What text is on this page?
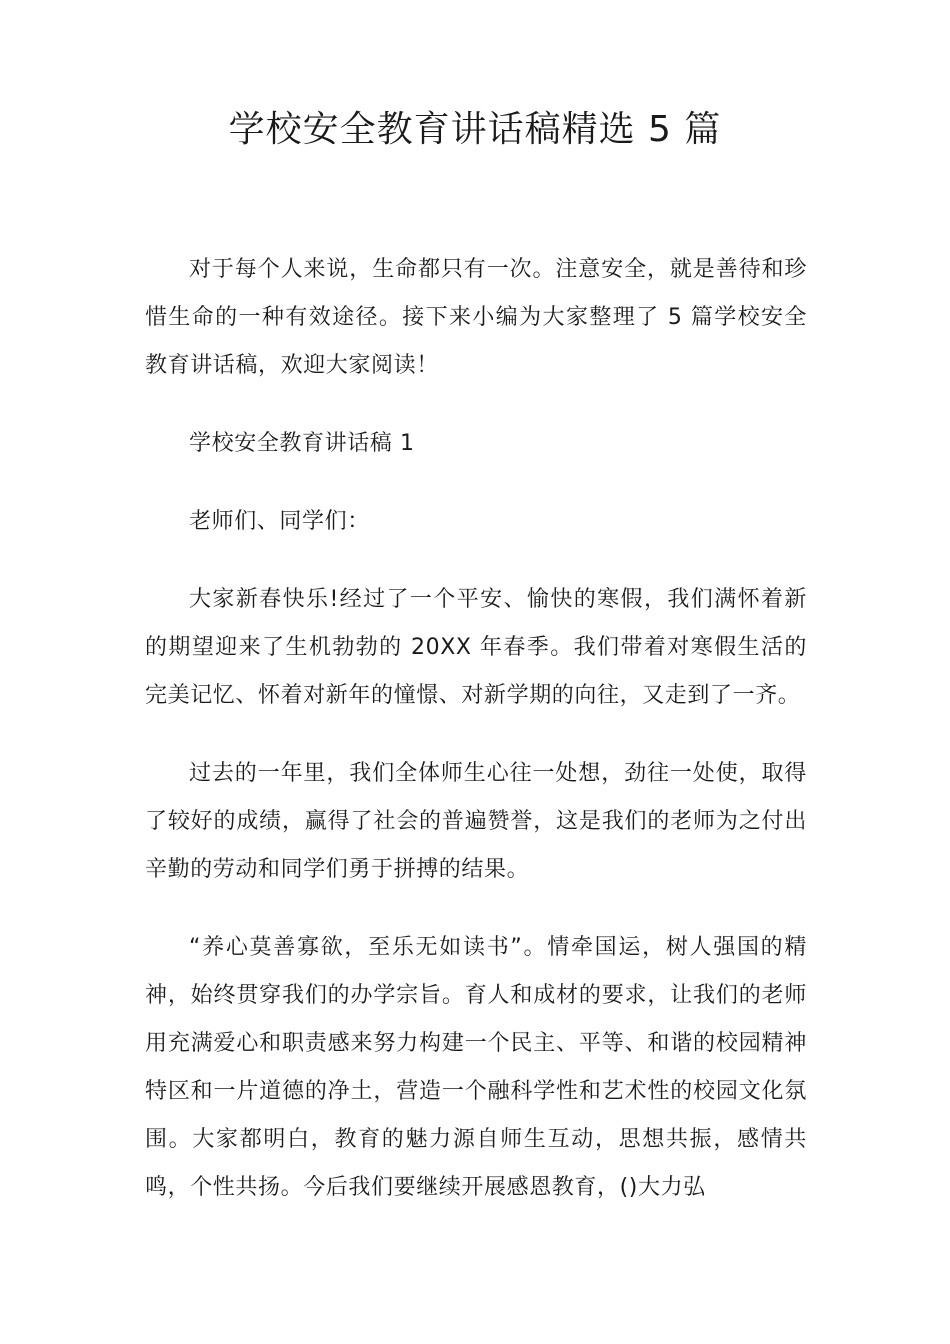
学校安全教育讲话稿精选 5 篇

对于每个人来说，生命都只有一次。注意安全，就是善待和珍惜生命的一种有效途径。接下来小编为大家整理了 5 篇学校安全教育讲话稿，欢迎大家阅读！

学校安全教育讲话稿 1

老师们、同学们：

大家新春快乐!经过了一个平安、愉快的寒假，我们满怀着新的期望迎来了生机勃勃的 20XX 年春季。我们带着对寒假生活的完美记忆、怀着对新年的憧憬、对新学期的向往，又走到了一齐。

过去的一年里，我们全体师生心往一处想，劲往一处使，取得了较好的成绩，赢得了社会的普遍赞誉，这是我们的老师为之付出辛勤的劳动和同学们勇于拼搏的结果。

“养心莫善寡欲，至乐无如读书”。情牵国运，树人强国的精神，始终贯穿我们的办学宗旨。育人和成材的要求，让我们的老师用充满爱心和职责感来努力构建一个民主、平等、和谐的校园精神特区和一片道德的净土，营造一个融科学性和艺术性的校园文化氛围。大家都明白，教育的魅力源自师生互动，思想共振，感情共鸣，个性共扬。今后我们要继续开展感恩教育，()大力弘
